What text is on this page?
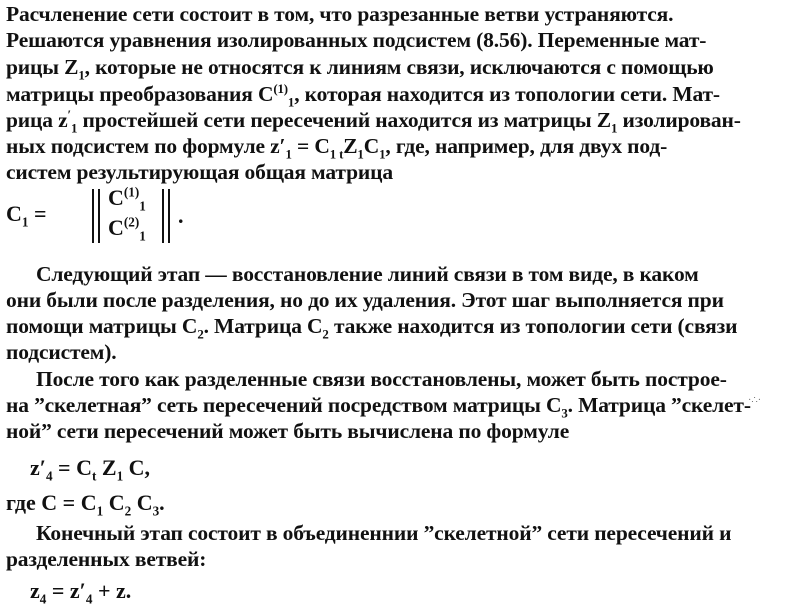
Расчленение сети состоит в том, что разрезанные ветви устраняются.
Решаются уравнения изолированных подсистем (8.56). Переменные мат-
рицы $Z_1$, которые не относятся к линиям связи, исключаются с помощью
матрицы преобразования $C^{(1)}_1$, которая находится из топологии сети. Мат-
рица $z'_1$ простейшей сети пересечений находится из матрицы $Z_1$ изолирован-
ных подсистем по формуле $z'_1 = C_{1 t}Z_1C_1$, где, например, для двух под-
систем результирующая общая матрица
$C_1$ =
$C^{(1)}_1$
$C^{(2)}_1$
.
Следующий этап — восстановление линий связи в том виде, в каком
они были после разделения, но до их удаления. Этот шаг выполняется при
помощи матрицы $C_2$. Матрица $C_2$ также находится из топологии сети (связи
подсистем).
После того как разделенные связи восстановлены, может быть построе-
на ”скелетная” сеть пересечений посредством матрицы $C_3$. Матрица ”скелет-
ной” сети пересечений может быть вычислена по формуле
·∴·
$z'_4 = C_t$ $Z_1$ C,
где $C = C_1$ $C_2$ $C_3$.
Конечный этап состоит в объединеннии ”скелетной” сети пересечений и
разделенных ветвей:
$z_4 = z'_4 + z$.
